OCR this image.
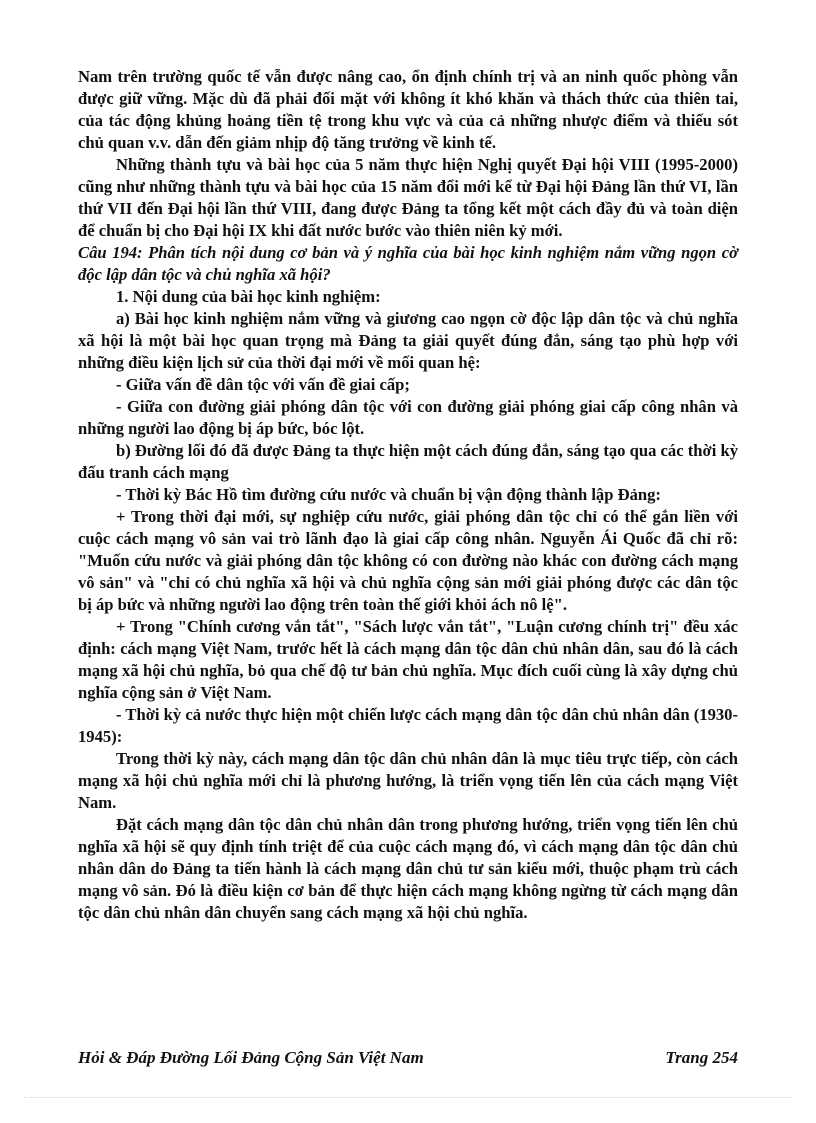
Nam trên trường quốc tế vẫn được nâng cao, ổn định chính trị và an ninh quốc phòng vẫn được giữ vững. Mặc dù đã phải đối mặt với không ít khó khăn và thách thức của thiên tai, của tác động khủng hoảng tiền tệ trong khu vực và của cả những nhược điểm và thiếu sót chủ quan v.v. dẫn đến giảm nhịp độ tăng trưởng về kinh tế.

Những thành tựu và bài học của 5 năm thực hiện Nghị quyết Đại hội VIII (1995-2000) cũng như những thành tựu và bài học của 15 năm đổi mới kể từ Đại hội Đảng lần thứ VI, lần thứ VII đến Đại hội lần thứ VIII, đang được Đảng ta tổng kết một cách đầy đủ và toàn diện để chuẩn bị cho Đại hội IX khi đất nước bước vào thiên niên kỷ mới.

Câu 194: Phân tích nội dung cơ bản và ý nghĩa của bài học kinh nghiệm nắm vững ngọn cờ độc lập dân tộc và chủ nghĩa xã hội?

1. Nội dung của bài học kinh nghiệm:

a) Bài học kinh nghiệm nắm vững và giương cao ngọn cờ độc lập dân tộc và chủ nghĩa xã hội là một bài học quan trọng mà Đảng ta giải quyết đúng đắn, sáng tạo phù hợp với những điều kiện lịch sử của thời đại mới về mối quan hệ:

- Giữa vấn đề dân tộc với vấn đề giai cấp;

- Giữa con đường giải phóng dân tộc với con đường giải phóng giai cấp công nhân và những người lao động bị áp bức, bóc lột.

b) Đường lối đó đã được Đảng ta thực hiện một cách đúng đắn, sáng tạo qua các thời kỳ đấu tranh cách mạng

- Thời kỳ Bác Hồ tìm đường cứu nước và chuẩn bị vận động thành lập Đảng:

+ Trong thời đại mới, sự nghiệp cứu nước, giải phóng dân tộc chỉ có thể gắn liền với cuộc cách mạng vô sản vai trò lãnh đạo là giai cấp công nhân. Nguyễn Ái Quốc đã chỉ rõ: "Muốn cứu nước và giải phóng dân tộc không có con đường nào khác con đường cách mạng vô sản" và "chỉ có chủ nghĩa xã hội và chủ nghĩa cộng sản mới giải phóng được các dân tộc bị áp bức và những người lao động trên toàn thế giới khỏi ách nô lệ".

+ Trong "Chính cương vắn tắt", "Sách lược vắn tắt", "Luận cương chính trị" đều xác định: cách mạng Việt Nam, trước hết là cách mạng dân tộc dân chủ nhân dân, sau đó là cách mạng xã hội chủ nghĩa, bỏ qua chế độ tư bản chủ nghĩa. Mục đích cuối cùng là xây dựng chủ nghĩa cộng sản ở Việt Nam.

- Thời kỳ cả nước thực hiện một chiến lược cách mạng dân tộc dân chủ nhân dân (1930-1945):

Trong thời kỳ này, cách mạng dân tộc dân chủ nhân dân là mục tiêu trực tiếp, còn cách mạng xã hội chủ nghĩa mới chỉ là phương hướng, là triển vọng tiến lên của cách mạng Việt Nam.

Đặt cách mạng dân tộc dân chủ nhân dân trong phương hướng, triển vọng tiến lên chủ nghĩa xã hội sẽ quy định tính triệt để của cuộc cách mạng đó, vì cách mạng dân tộc dân chủ nhân dân do Đảng ta tiến hành là cách mạng dân chủ tư sản kiểu mới, thuộc phạm trù cách mạng vô sản. Đó là điều kiện cơ bản để thực hiện cách mạng không ngừng từ cách mạng dân tộc dân chủ nhân dân chuyển sang cách mạng xã hội chủ nghĩa.

Hỏi & Đáp Đường Lối Đảng Cộng Sản Việt Nam	Trang 254
